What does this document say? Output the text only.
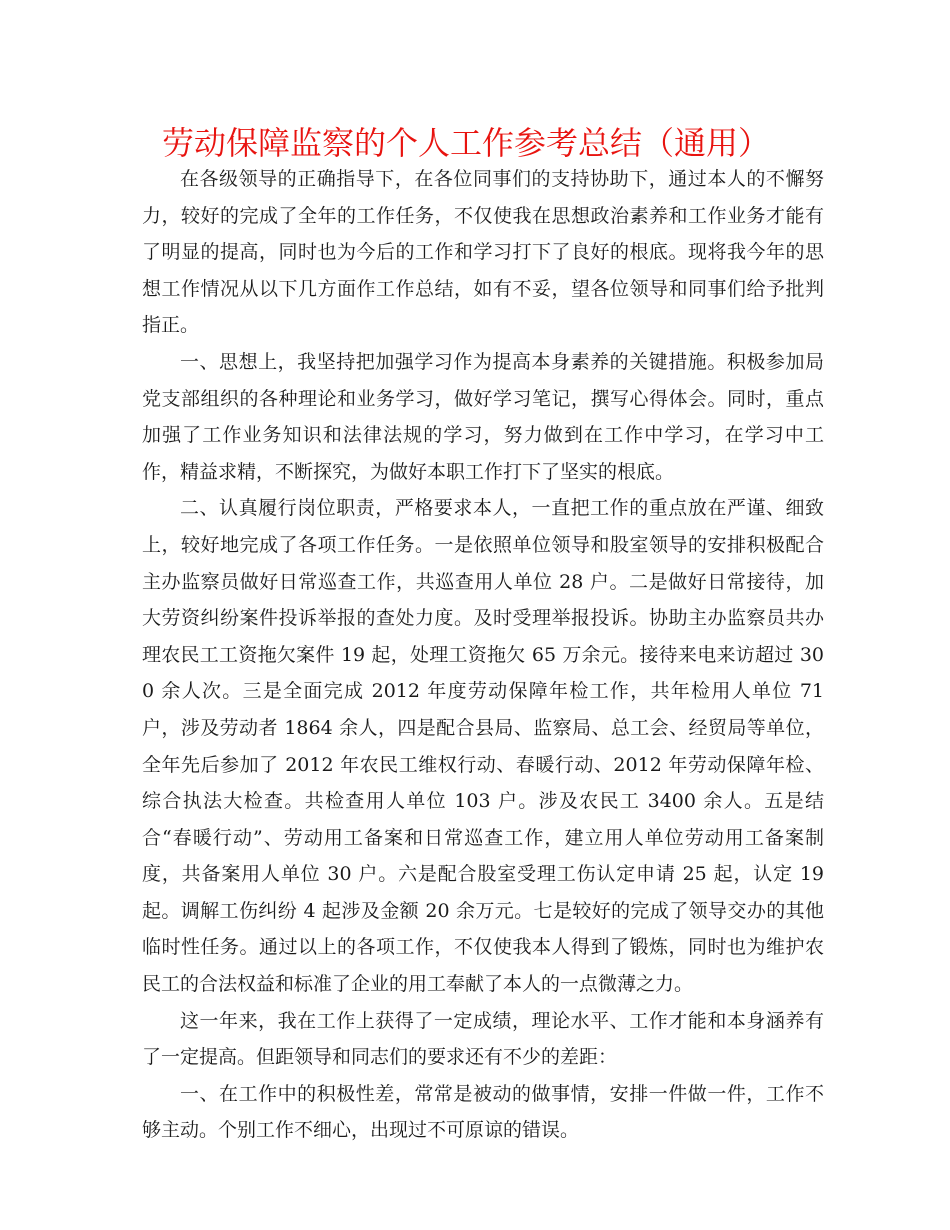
劳动保障监察的个人工作参考总结（通用）

在各级领导的正确指导下，在各位同事们的支持协助下，通过本人的不懈努力，较好的完成了全年的工作任务，不仅使我在思想政治素养和工作业务才能有了明显的提高，同时也为今后的工作和学习打下了良好的根底。现将我今年的思想工作情况从以下几方面作工作总结，如有不妥，望各位领导和同事们给予批判指正。

一、思想上，我坚持把加强学习作为提高本身素养的关键措施。积极参加局党支部组织的各种理论和业务学习，做好学习笔记，撰写心得体会。同时，重点加强了工作业务知识和法律法规的学习，努力做到在工作中学习，在学习中工作，精益求精，不断探究，为做好本职工作打下了坚实的根底。

二、认真履行岗位职责，严格要求本人，一直把工作的重点放在严谨、细致上，较好地完成了各项工作任务。一是依照单位领导和股室领导的安排积极配合主办监察员做好日常巡查工作，共巡查用人单位 28 户。二是做好日常接待，加大劳资纠纷案件投诉举报的查处力度。及时受理举报投诉。协助主办监察员共办理农民工工资拖欠案件 19 起，处理工资拖欠 65 万余元。接待来电来访超过 300 余人次。三是全面完成 2012 年度劳动保障年检工作，共年检用人单位 71 户，涉及劳动者 1864 余人，四是配合县局、监察局、总工会、经贸局等单位，全年先后参加了 2012 年农民工维权行动、春暖行动、2012 年劳动保障年检、综合执法大检查。共检查用人单位 103 户。涉及农民工 3400 余人。五是结合“春暖行动”、劳动用工备案和日常巡查工作，建立用人单位劳动用工备案制度，共备案用人单位 30 户。六是配合股室受理工伤认定申请 25 起，认定 19 起。调解工伤纠纷 4 起涉及金额 20 余万元。七是较好的完成了领导交办的其他临时性任务。通过以上的各项工作，不仅使我本人得到了锻炼，同时也为维护农民工的合法权益和标准了企业的用工奉献了本人的一点微薄之力。

这一年来，我在工作上获得了一定成绩，理论水平、工作才能和本身涵养有了一定提高。但距领导和同志们的要求还有不少的差距：

一、在工作中的积极性差，常常是被动的做事情，安排一件做一件，工作不够主动。个别工作不细心，出现过不可原谅的错误。
